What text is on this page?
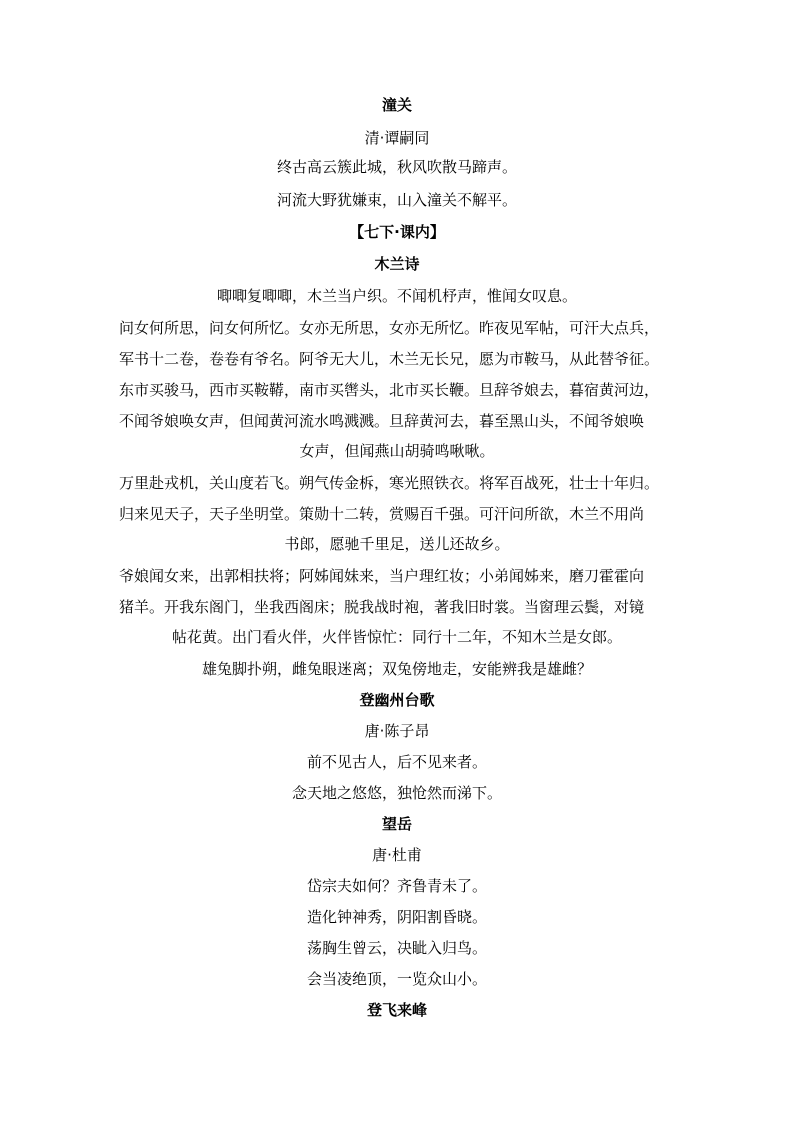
潼关
清·谭嗣同
终古高云簇此城，秋风吹散马蹄声。
河流大野犹嫌束，山入潼关不解平。
【七下·课内】
木兰诗
唧唧复唧唧，木兰当户织。不闻机杼声，惟闻女叹息。
问女何所思，问女何所忆。女亦无所思，女亦无所忆。昨夜见军帖，可汗大点兵，
军书十二卷，卷卷有爷名。阿爷无大儿，木兰无长兄，愿为市鞍马，从此替爷征。
东市买骏马，西市买鞍鞯，南市买辔头，北市买长鞭。旦辞爷娘去，暮宿黄河边，
不闻爷娘唤女声，但闻黄河流水鸣溅溅。旦辞黄河去，暮至黑山头，不闻爷娘唤
女声，但闻燕山胡骑鸣啾啾。
万里赴戎机，关山度若飞。朔气传金柝，寒光照铁衣。将军百战死，壮士十年归。
归来见天子，天子坐明堂。策勋十二转，赏赐百千强。可汗问所欲，木兰不用尚
书郎，愿驰千里足，送儿还故乡。
爷娘闻女来，出郭相扶将；阿姊闻妹来，当户理红妆；小弟闻姊来，磨刀霍霍向
猪羊。开我东阁门，坐我西阁床；脱我战时袍，著我旧时裳。当窗理云鬓，对镜
帖花黄。出门看火伴，火伴皆惊忙：同行十二年，不知木兰是女郎。
雄兔脚扑朔，雌兔眼迷离；双兔傍地走，安能辨我是雄雌？
登幽州台歌
唐·陈子昂
前不见古人，后不见来者。
念天地之悠悠，独怆然而涕下。
望岳
唐·杜甫
岱宗夫如何？齐鲁青未了。
造化钟神秀，阴阳割昏晓。
荡胸生曾云，决眦入归鸟。
会当凌绝顶，一览众山小。
登飞来峰
